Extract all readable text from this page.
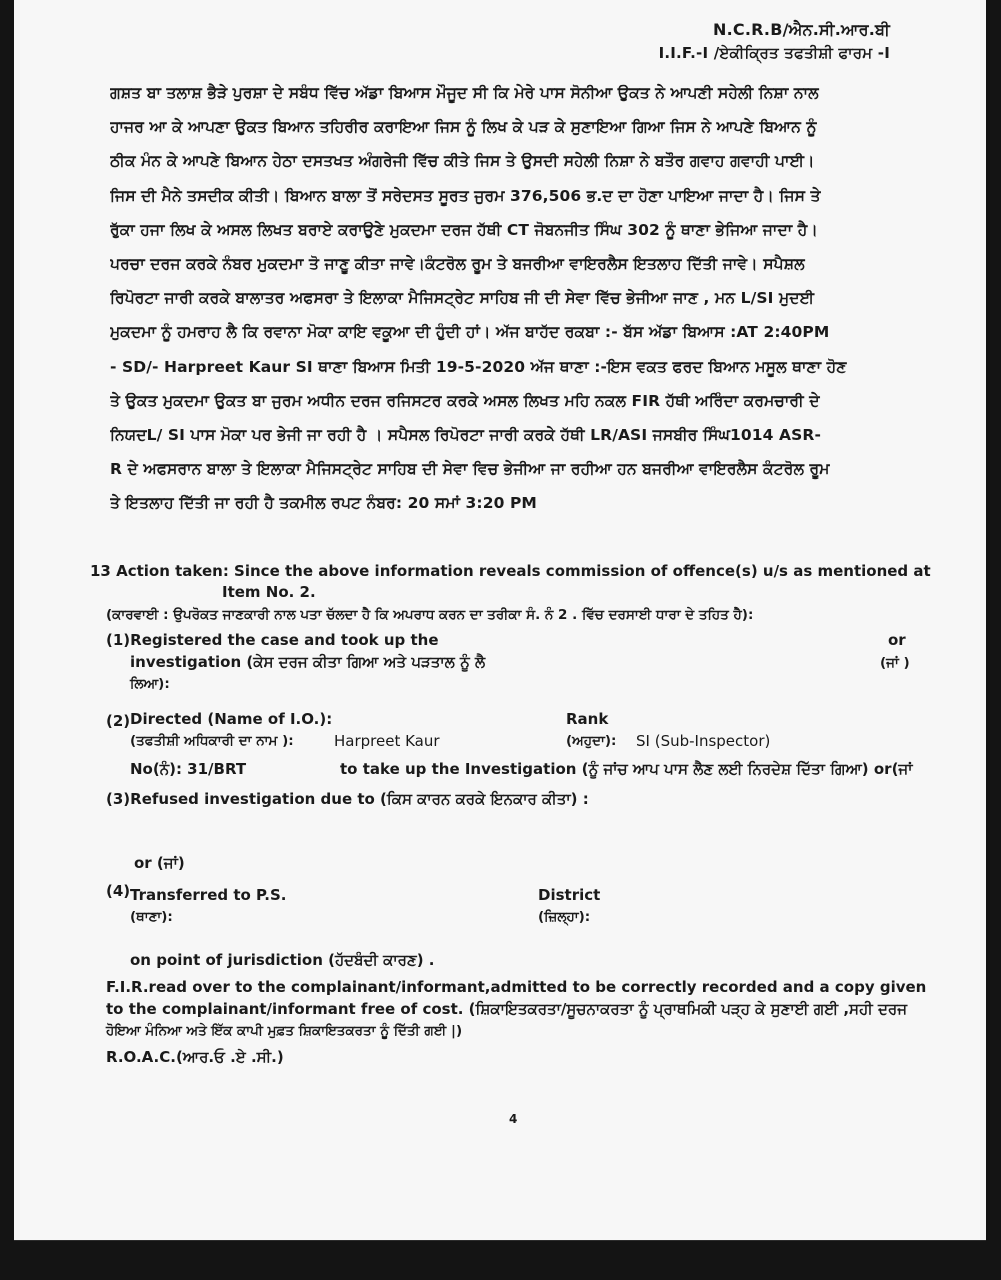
N.C.R.B/ਐਨ.ਸੀ.ਆਰ.ਬੀ
I.I.F.-I /ਏਕੀਕ੍ਰਿਤ ਤਫਤੀਸ਼ੀ ਫਾਰਮ -I
ਗਸ਼ਤ ਬਾ ਤਲਾਸ਼ ਭੈੜੇ ਪੁਰਸ਼ਾ ਦੇ ਸਬੰਧ ਵਿੱਚ ਅੱਡਾ ਬਿਆਸ ਮੌਜੂਦ ਸੀ ਕਿ ਮੇਰੇ ਪਾਸ ਸੋਨੀਆ ਉਕਤ ਨੇ ਆਪਣੀ ਸਹੇਲੀ ਨਿਸ਼ਾ ਨਾਲ
ਹਾਜਰ ਆ ਕੇ ਆਪਣਾ ਉਕਤ ਬਿਆਨ ਤਹਿਰੀਰ ਕਰਾਇਆ ਜਿਸ ਨੂੰ ਲਿਖ ਕੇ ਪੜ ਕੇ ਸੁਣਾਇਆ ਗਿਆ ਜਿਸ ਨੇ ਆਪਣੇ ਬਿਆਨ ਨੂੰ
ਠੀਕ ਮੰਨ ਕੇ ਆਪਣੇ ਬਿਆਨ ਹੇਠਾ ਦਸਤਖਤ ਅੰਗਰੇਜੀ ਵਿੱਚ ਕੀਤੇ ਜਿਸ ਤੇ ਉਸਦੀ ਸਹੇਲੀ ਨਿਸ਼ਾ ਨੇ ਬਤੌਰ ਗਵਾਹ ਗਵਾਹੀ ਪਾਈ।
ਜਿਸ ਦੀ ਮੈਨੇ ਤਸਦੀਕ ਕੀਤੀ। ਬਿਆਨ ਬਾਲਾ ਤੋਂ ਸਰੇਦਸਤ ਸੂਰਤ ਜੁਰਮ 376,506 ਭ.ਦ ਦਾ ਹੋਣਾ ਪਾਇਆ ਜਾਦਾ ਹੈ। ਜਿਸ ਤੇ
ਰੁੱਕਾ ਹਜਾ ਲਿਖ ਕੇ ਅਸਲ ਲਿਖਤ ਬਰਾਏ ਕਰਾਉਣੇ ਮੁਕਦਮਾ ਦਰਜ ਹੱਥੀ CT ਜੋਬਨਜੀਤ ਸਿੰਘ 302 ਨੂੰ ਥਾਣਾ ਭੇਜਿਆ ਜਾਦਾ ਹੈ।
ਪਰਚਾ ਦਰਜ ਕਰਕੇ ਨੰਬਰ ਮੁਕਦਮਾ ਤੋ ਜਾਣੂ ਕੀਤਾ ਜਾਵੇ।ਕੰਟਰੋਲ ਰੂਮ ਤੇ ਬਜਰੀਆ ਵਾਇਰਲੈਸ ਇਤਲਾਹ ਦਿੱਤੀ ਜਾਵੇ। ਸਪੈਸ਼ਲ
ਰਿਪੋਰਟਾ ਜਾਰੀ ਕਰਕੇ ਬਾਲਾਤਰ ਅਫਸਰਾ ਤੇ ਇਲਾਕਾ ਮੈਜਿਸਟ੍ਰੇਟ ਸਾਹਿਬ ਜੀ ਦੀ ਸੇਵਾ ਵਿੱਚ ਭੇਜੀਆ ਜਾਣ , ਮਨ L/SI ਮੁਦਈ
ਮੁਕਦਮਾ ਨੂੰ ਹਮਰਾਹ ਲੈ ਕਿ ਰਵਾਨਾ ਮੋਕਾ ਕਾਇ ਵਕੂਆ ਦੀ ਹੁੰਦੀ ਹਾਂ। ਅੱਜ ਬਾਹੱਦ ਰਕਬਾ :- ਬੱਸ ਅੱਡਾ ਬਿਆਸ :AT 2:40PM
- SD/- Harpreet Kaur SI ਥਾਣਾ ਬਿਆਸ ਮਿਤੀ 19-5-2020 ਅੱਜ ਥਾਣਾ :-ਇਸ ਵਕਤ ਫਰਦ ਬਿਆਨ ਮਸੂਲ ਥਾਣਾ ਹੋਣ
ਤੇ ਉਕਤ ਮੁਕਦਮਾ ਉਕਤ ਬਾ ਜੁਰਮ ਅਧੀਨ ਦਰਜ ਰਜਿਸਟਰ ਕਰਕੇ ਅਸਲ ਲਿਖਤ ਮਹਿ ਨਕਲ FIR ਹੱਥੀ ਅਰਿੰਦਾ ਕਰਮਚਾਰੀ ਦੇ
ਨਿਯਦL/ SI ਪਾਸ ਮੋਕਾ ਪਰ ਭੇਜੀ ਜਾ ਰਹੀ ਹੈ । ਸਪੈਸਲ ਰਿਪੋਰਟਾ ਜਾਰੀ ਕਰਕੇ ਹੱਥੀ LR/ASI ਜਸਬੀਰ ਸਿੰਘ1014 ASR-
R ਦੇ ਅਫਸਰਾਨ ਬਾਲਾ ਤੇ ਇਲਾਕਾ ਮੈਜਿਸਟ੍ਰੇਟ ਸਾਹਿਬ ਦੀ ਸੇਵਾ ਵਿਚ ਭੇਜੀਆ ਜਾ ਰਹੀਆ ਹਨ ਬਜਰੀਆ ਵਾਇਰਲੈਸ ਕੰਟਰੋਲ ਰੂਮ
ਤੇ ਇਤਲਾਹ ਦਿੱਤੀ ਜਾ ਰਹੀ ਹੈ ਤਕਮੀਲ ਰਪਟ ਨੰਬਰ: 20 ਸਮਾਂ 3:20 PM
13 Action taken: Since the above information reveals commission of offence(s) u/s as mentioned at
Item No. 2.
(ਕਾਰਵਾਈ : ਉਪਰੋਕਤ ਜਾਣਕਾਰੀ ਨਾਲ ਪਤਾ ਚੱਲਦਾ ਹੈ ਕਿ ਅਪਰਾਧ ਕਰਨ ਦਾ ਤਰੀਕਾ ਸੰ. ਨੰ 2 . ਵਿੱਚ ਦਰਸਾਈ ਧਾਰਾ ਦੇ ਤਹਿਤ ਹੈ):
(1)Registered the case and took up the
investigation (ਕੇਸ ਦਰਜ ਕੀਤਾ ਗਿਆ ਅਤੇ ਪੜਤਾਲ ਨੂੰ ਲੈ
ਲਿਆ):
or
(ਜਾਂ )
(2) Directed (Name of I.O.):
(ਤਫਤੀਸ਼ੀ ਅਧਿਕਾਰੀ ਦਾ ਨਾਮ ):	Harpreet Kaur
Rank
(ਅਹੁਦਾ): SI (Sub-Inspector)
No(ਨੰ): 31/BRT	to take up the Investigation (ਨੂੰ ਜਾਂਚ ਆਪ ਪਾਸ ਲੈਣ ਲਈ ਨਿਰਦੇਸ਼ ਦਿੱਤਾ ਗਿਆ) or(ਜਾਂ
(3)Refused investigation due to (ਕਿਸ ਕਾਰਨ ਕਰਕੇ ਇਨਕਾਰ ਕੀਤਾ) :
or (ਜਾਂ)
(4) Transferred to P.S.
(ਥਾਣਾ):
District
(ਜ਼ਿਲ੍ਹਾ):
on point of jurisdiction (ਹੱਦਬੰਦੀ ਕਾਰਣ) .
F.I.R.read over to the complainant/informant,admitted to be correctly recorded and a copy given
to the complainant/informant free of cost. (ਸ਼ਿਕਾਇਤਕਰਤਾ/ਸੂਚਨਾਕਰਤਾ ਨੂੰ ਪ੍ਰਾਥਮਿਕੀ ਪੜ੍ਹ ਕੇ ਸੁਣਾਈ ਗਈ ,ਸਹੀ ਦਰਜ
ਹੋਇਆ ਮੰਨਿਆ ਅਤੇ ਇੱਕ ਕਾਪੀ ਮੁਫ਼ਤ ਸ਼ਿਕਾਇਤਕਰਤਾ ਨੂੰ ਦਿੱਤੀ ਗਈ |)
R.O.A.C.(ਆਰ.ਓ .ਏ .ਸੀ.)
4
